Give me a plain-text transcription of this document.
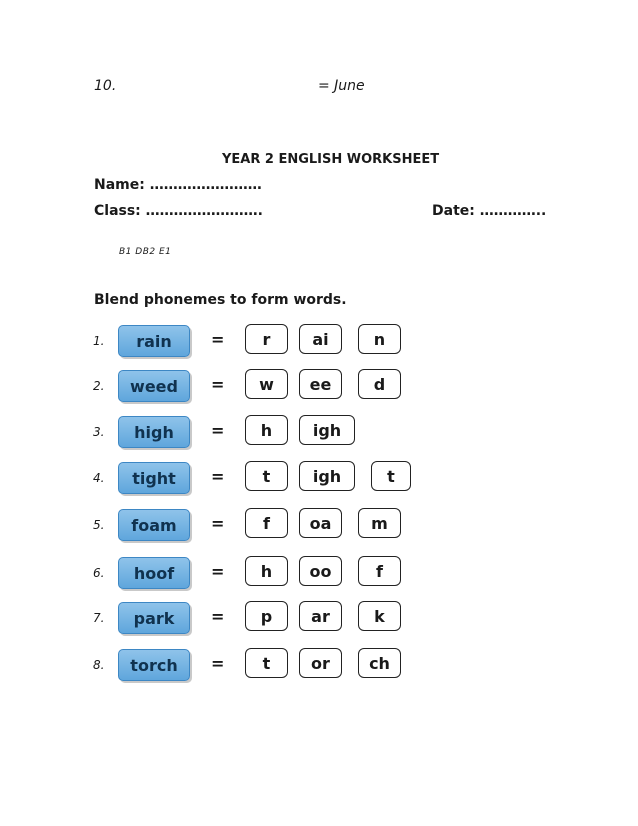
10.	= June
YEAR 2 ENGLISH WORKSHEET
Name: ……………………
Class: …………………….	Date: …………..
B1 DB2 E1
Blend phonemes to form words.
1.	rain	=	r	ai	n
2.	weed	=	w	ee	d
3.	high	=	h	igh
4.	tight	=	t	igh	t
5.	foam	=	f	oa	m
6.	hoof	=	h	oo	f
7.	park	=	p	ar	k
8.	torch	=	t	or	ch
